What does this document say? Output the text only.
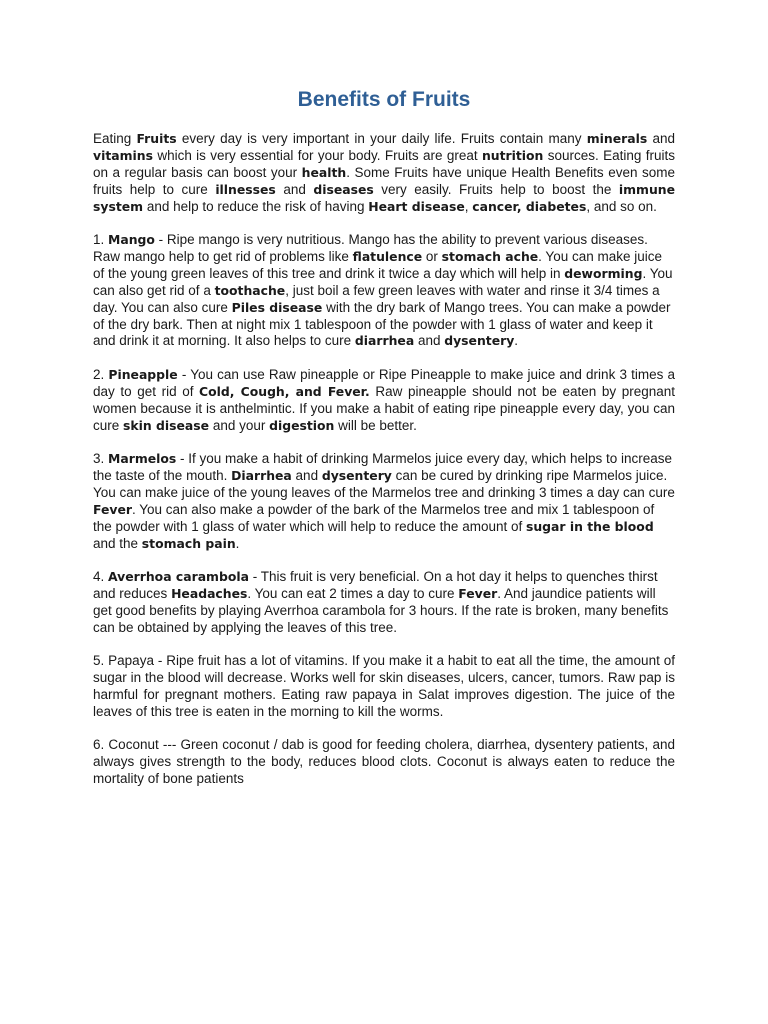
Benefits of Fruits

Eating Fruits every day is very important in your daily life. Fruits contain many minerals and vitamins which is very essential for your body. Fruits are great nutrition sources. Eating fruits on a regular basis can boost your health. Some Fruits have unique Health Benefits even some fruits help to cure illnesses and diseases very easily. Fruits help to boost the immune system and help to reduce the risk of having Heart disease, cancer, diabetes, and so on.

1. Mango - Ripe mango is very nutritious. Mango has the ability to prevent various diseases. Raw mango help to get rid of problems like flatulence or stomach ache. You can make juice of the young green leaves of this tree and drink it twice a day which will help in deworming. You can also get rid of a toothache, just boil a few green leaves with water and rinse it 3/4 times a day. You can also cure Piles disease with the dry bark of Mango trees. You can make a powder of the dry bark. Then at night mix 1 tablespoon of the powder with 1 glass of water and keep it and drink it at morning. It also helps to cure diarrhea and dysentery.

2. Pineapple - You can use Raw pineapple or Ripe Pineapple to make juice and drink 3 times a day to get rid of Cold, Cough, and Fever. Raw pineapple should not be eaten by pregnant women because it is anthelmintic. If you make a habit of eating ripe pineapple every day, you can cure skin disease and your digestion will be better.

3. Marmelos - If you make a habit of drinking Marmelos juice every day, which helps to increase the taste of the mouth. Diarrhea and dysentery can be cured by drinking ripe Marmelos juice. You can make juice of the young leaves of the Marmelos tree and drinking 3 times a day can cure Fever. You can also make a powder of the bark of the Marmelos tree and mix 1 tablespoon of the powder with 1 glass of water which will help to reduce the amount of sugar in the blood and the stomach pain.

4. Averrhoa carambola - This fruit is very beneficial. On a hot day it helps to quenches thirst and reduces Headaches. You can eat 2 times a day to cure Fever. And jaundice patients will get good benefits by playing Averrhoa carambola for 3 hours. If the rate is broken, many benefits can be obtained by applying the leaves of this tree.

5. Papaya - Ripe fruit has a lot of vitamins. If you make it a habit to eat all the time, the amount of sugar in the blood will decrease. Works well for skin diseases, ulcers, cancer, tumors. Raw pap is harmful for pregnant mothers. Eating raw papaya in Salat improves digestion. The juice of the leaves of this tree is eaten in the morning to kill the worms.

6. Coconut --- Green coconut / dab is good for feeding cholera, diarrhea, dysentery patients, and always gives strength to the body, reduces blood clots. Coconut is always eaten to reduce the mortality of bone patients
